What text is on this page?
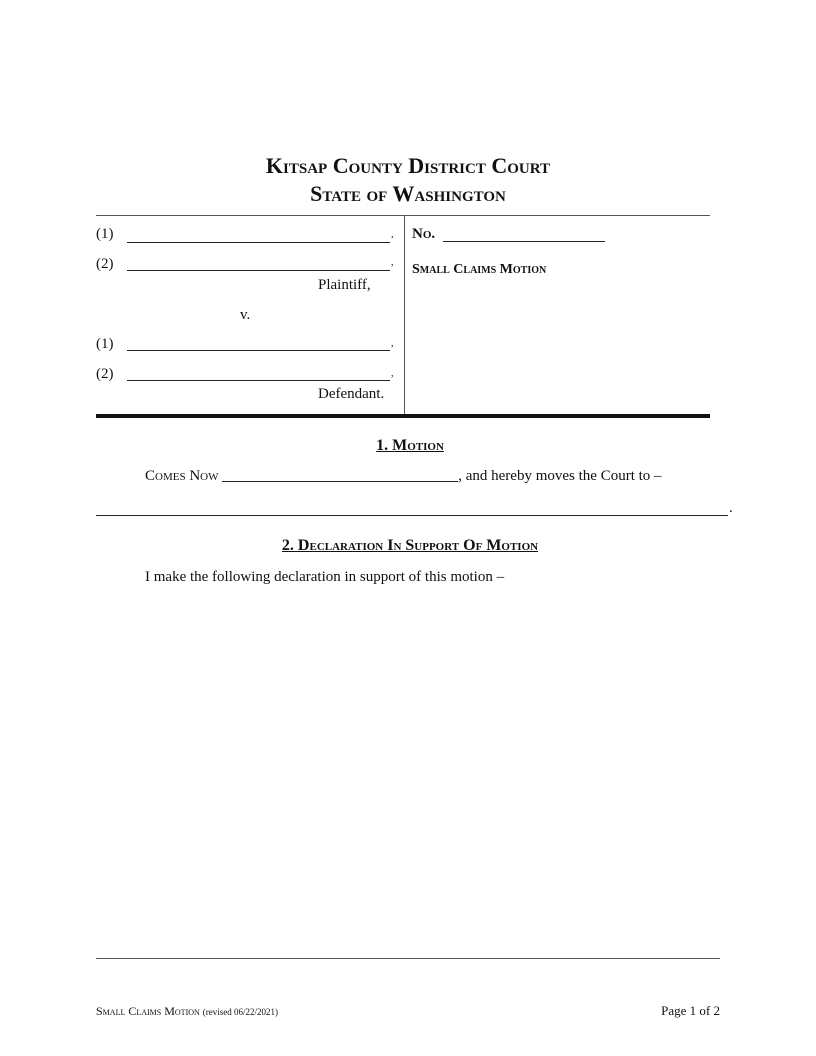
Kitsap County District Court
State of Washington
(1)	,
(2)	,
Plaintiff,
v.
(1)	,
(2)	,
Defendant.
No.
Small Claims Motion
1. Motion
Comes Now	, and hereby moves the Court to –
.
2. Declaration In Support Of Motion
I make the following declaration in support of this motion –
Small Claims Motion (revised 06/22/2021)	Page 1 of 2
